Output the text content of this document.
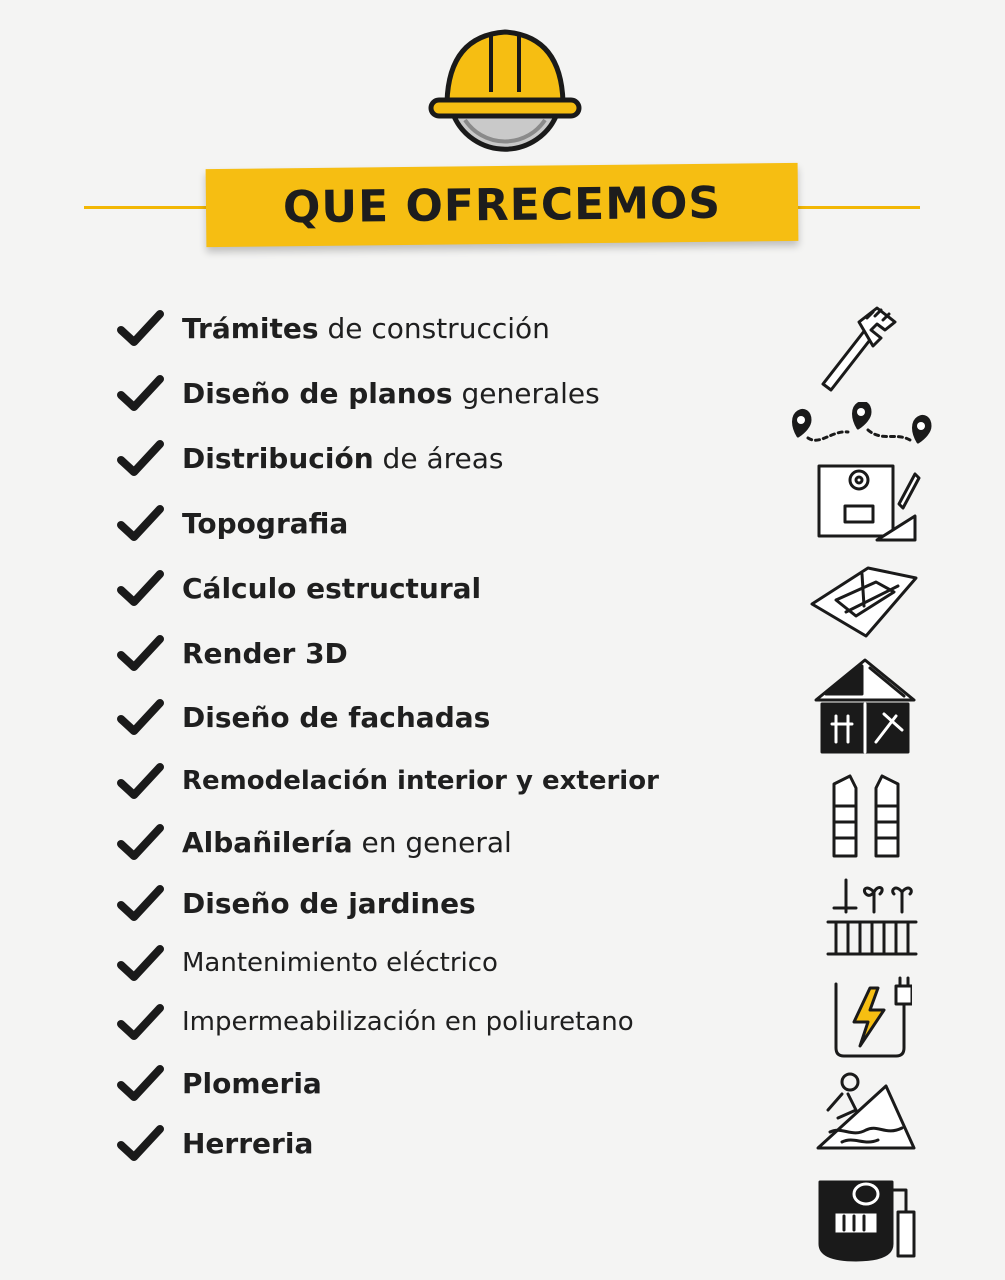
QUE OFRECEMOS
Trámites de construcción
Diseño de planos generales
Distribución de áreas
Topografia
Cálculo estructural
Render 3D
Diseño de fachadas
Remodelación interior y exterior
Albañilería en general
Diseño de jardines
Mantenimiento eléctrico
Impermeabilización en poliuretano
Plomeria
Herreria
